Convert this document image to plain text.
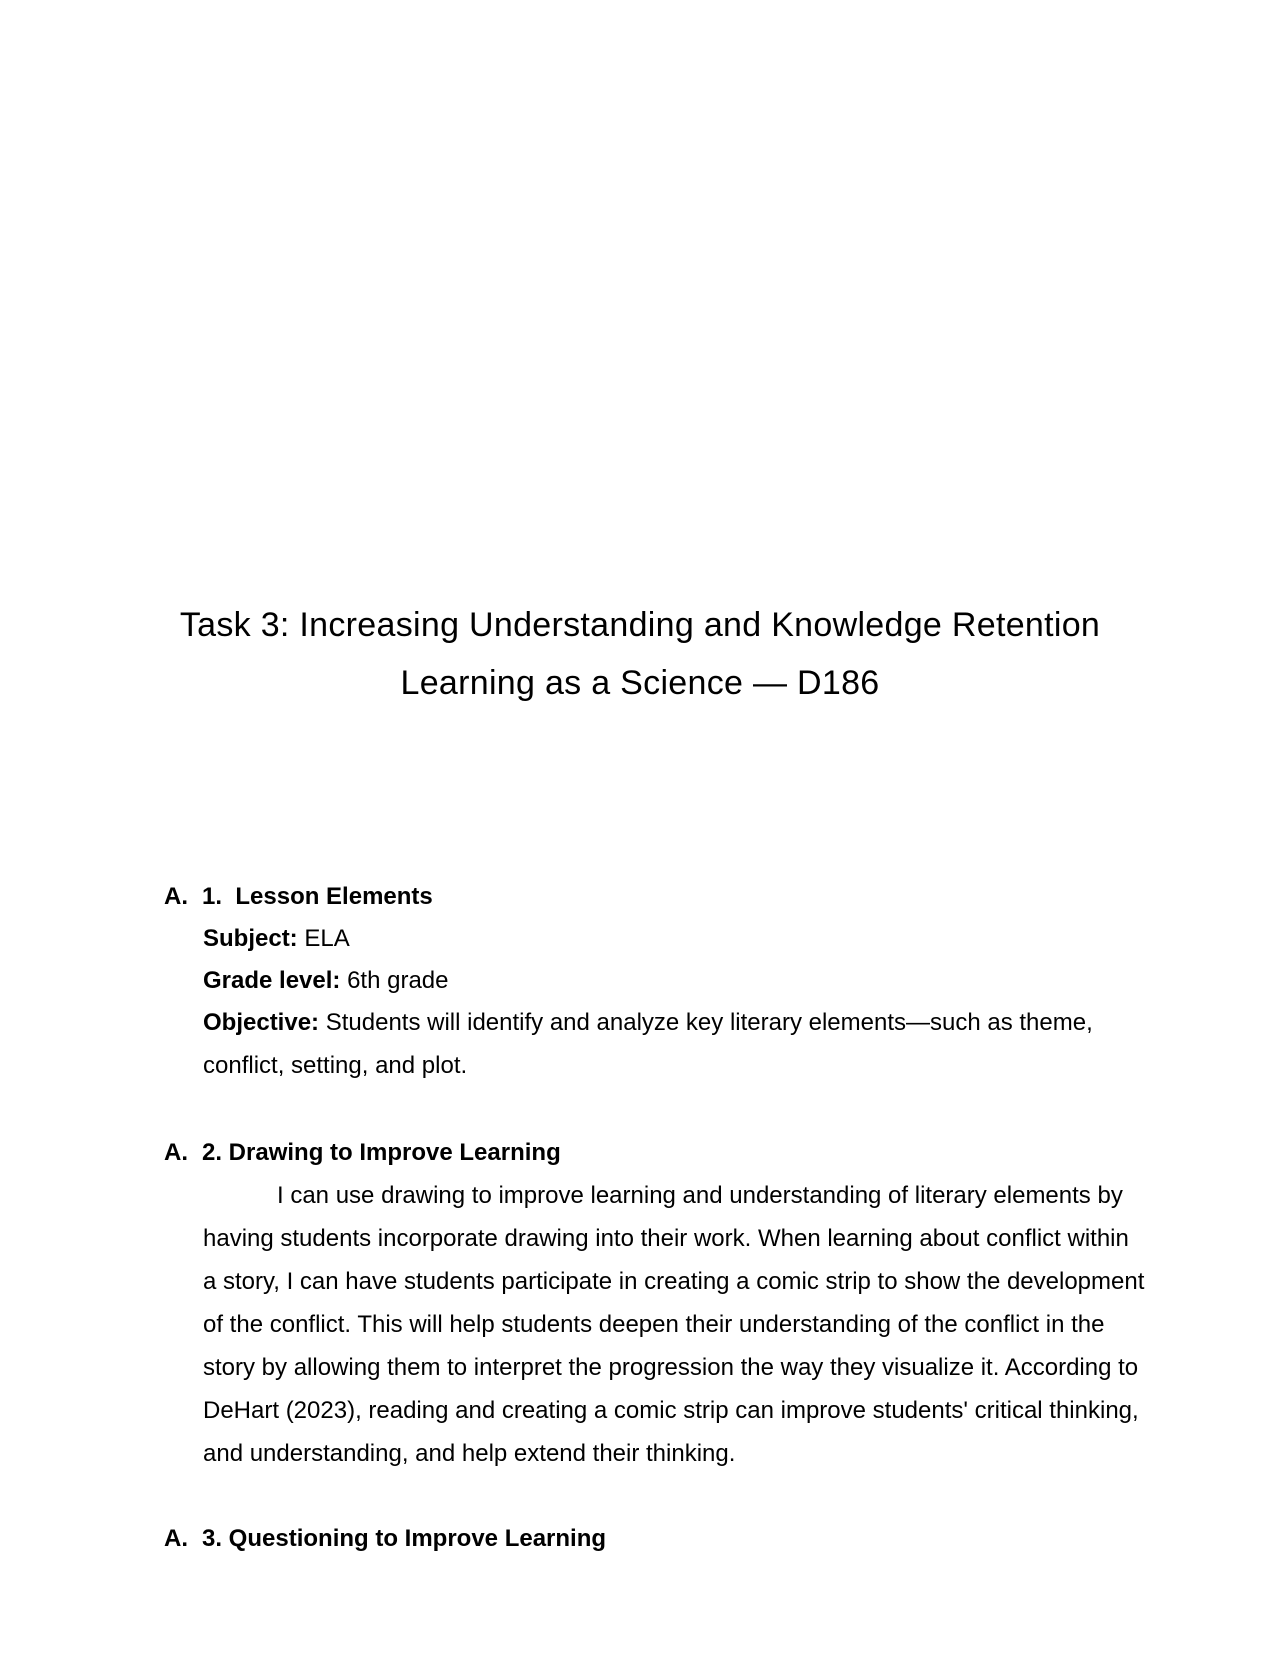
Task 3: Increasing Understanding and Knowledge Retention

Learning as a Science — D186

A. 1. Lesson Elements

Subject: ELA

Grade level: 6th grade

Objective: Students will identify and analyze key literary elements—such as theme, conflict, setting, and plot.

A. 2. Drawing to Improve Learning

I can use drawing to improve learning and understanding of literary elements by having students incorporate drawing into their work. When learning about conflict within a story, I can have students participate in creating a comic strip to show the development of the conflict. This will help students deepen their understanding of the conflict in the story by allowing them to interpret the progression the way they visualize it. According to DeHart (2023), reading and creating a comic strip can improve students' critical thinking, and understanding, and help extend their thinking.

A. 3. Questioning to Improve Learning
